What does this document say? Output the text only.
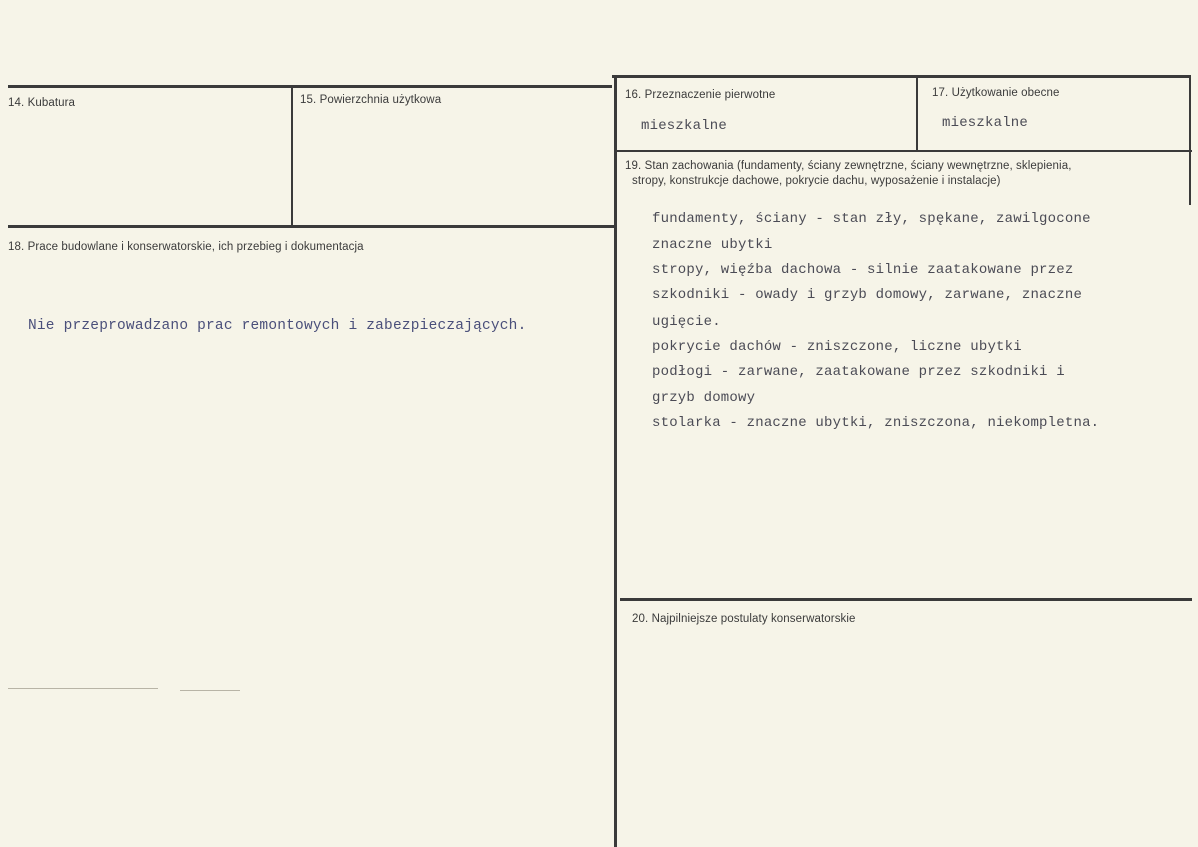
14. Kubatura	15. Powierzchnia użytkowa	16. Przeznaczenie pierwotne
mieszkalne
17. Użytkowanie obecne
mieszkalne
18. Prace budowlane i konserwatorskie, ich przebieg i dokumentacja
Nie przeprowadzano prac remontowych i zabezpieczających.
19. Stan zachowania (fundamenty, ściany zewnętrzne, ściany wewnętrzne, sklepienia,
stropy, konstrukcje dachowe, pokrycie dachu, wyposażenie i instalacje)
fundamenty, ściany - stan zły, spękane, zawilgocone
znaczne ubytki
stropy, więźba dachowa - silnie zaatakowane przez
szkodniki - owady i grzyb domowy, zarwane, znaczne
ugięcie.
pokrycie dachów - zniszczone, liczne ubytki
podłogi - zarwane, zaatakowane przez szkodniki i
grzyb domowy
stolarka - znaczne ubytki, zniszczona, niekompletna.
20. Najpilniejsze postulaty konserwatorskie
